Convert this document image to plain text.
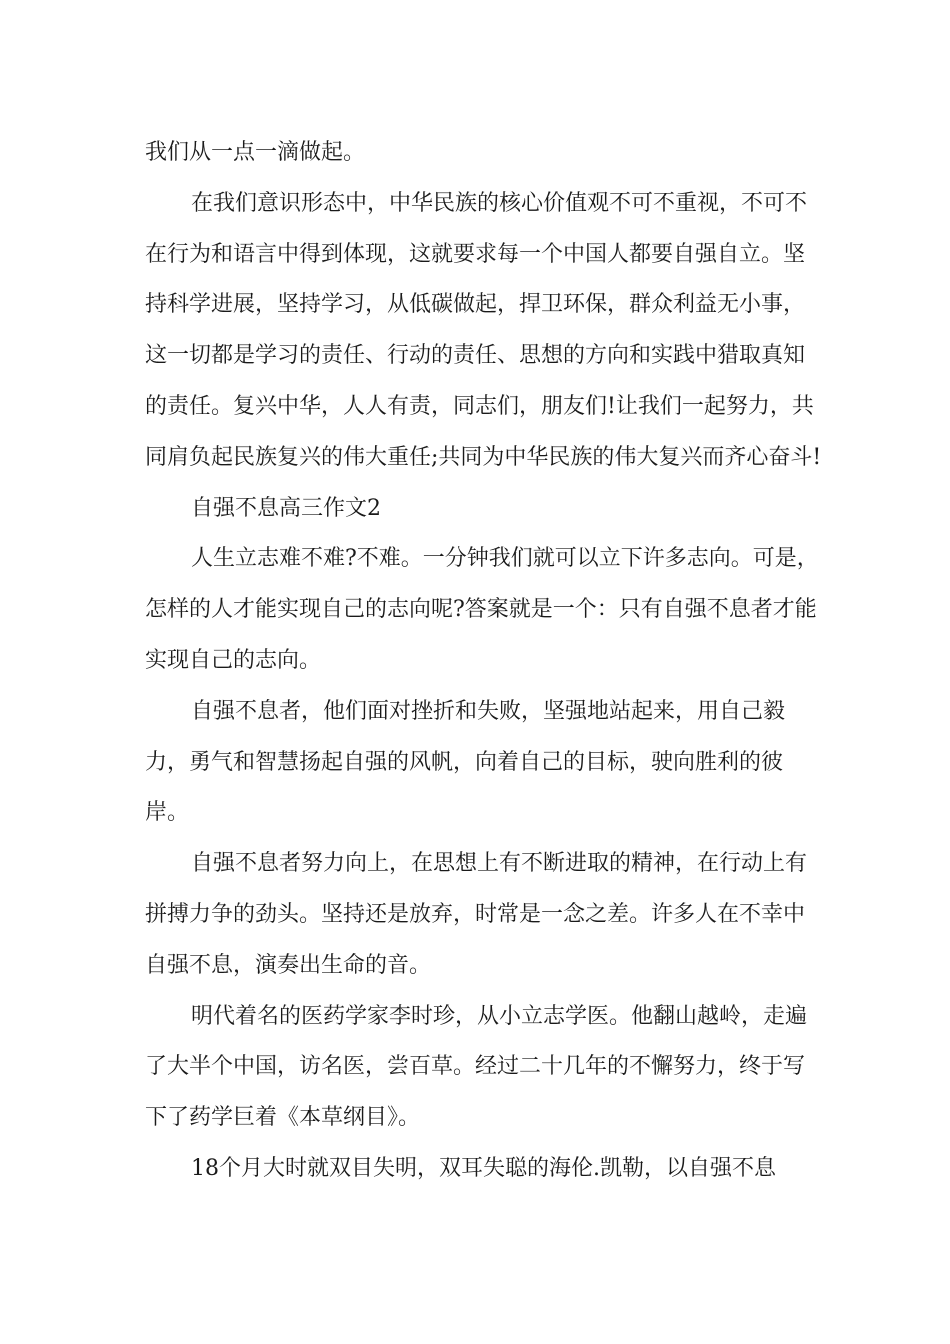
我们从一点一滴做起。

在我们意识形态中，中华民族的核心价值观不可不重视，不可不在行为和语言中得到体现，这就要求每一个中国人都要自强自立。坚持科学进展，坚持学习，从低碳做起，捍卫环保，群众利益无小事，这一切都是学习的责任、行动的责任、思想的方向和实践中猎取真知的责任。复兴中华，人人有责，同志们，朋友们!让我们一起努力，共同肩负起民族复兴的伟大重任;共同为中华民族的伟大复兴而齐心奋斗!

自强不息高三作文2

人生立志难不难?不难。一分钟我们就可以立下许多志向。可是，怎样的人才能实现自己的志向呢?答案就是一个：只有自强不息者才能实现自己的志向。

自强不息者，他们面对挫折和失败，坚强地站起来，用自己毅力，勇气和智慧扬起自强的风帆，向着自己的目标，驶向胜利的彼岸。

自强不息者努力向上，在思想上有不断进取的精神，在行动上有拼搏力争的劲头。坚持还是放弃，时常是一念之差。许多人在不幸中自强不息，演奏出生命的音。

明代着名的医药学家李时珍，从小立志学医。他翻山越岭，走遍了大半个中国，访名医，尝百草。经过二十几年的不懈努力，终于写下了药学巨着《本草纲目》。

18个月大时就双目失明，双耳失聪的海伦.凯勒，以自强不息
